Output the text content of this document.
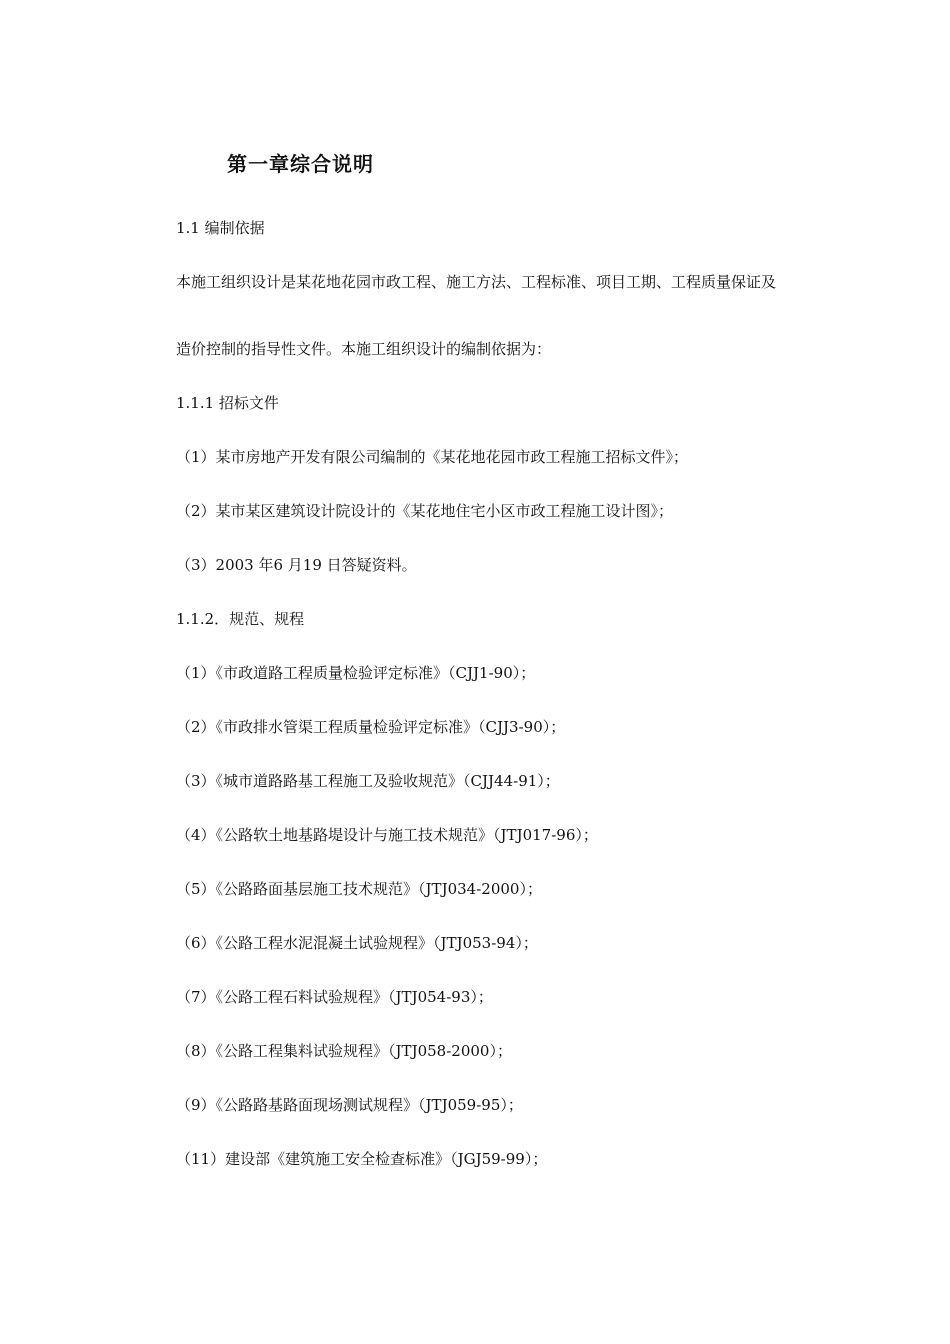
第一章综合说明
1.1 编制依据
本施工组织设计是某花地花园市政工程、施工方法、工程标准、项目工期、工程质量保证及
造价控制的指导性文件。本施工组织设计的编制依据为：
1.1.1 招标文件
（1）某市房地产开发有限公司编制的《某花地花园市政工程施工招标文件》；
（2）某市某区建筑设计院设计的《某花地住宅小区市政工程施工设计图》；
（3）2003 年6 月19 日答疑资料。
1.1.2．规范、规程
（1）《市政道路工程质量检验评定标准》（CJJ1-90）；
（2）《市政排水管渠工程质量检验评定标准》（CJJ3-90）；
（3）《城市道路路基工程施工及验收规范》（CJJ44-91）；
（4）《公路软土地基路堤设计与施工技术规范》（JTJ017-96）；
（5）《公路路面基层施工技术规范》（JTJ034-2000）；
（6）《公路工程水泥混凝土试验规程》（JTJ053-94）；
（7）《公路工程石料试验规程》（JTJ054-93）；
（8）《公路工程集料试验规程》（JTJ058-2000）；
（9）《公路路基路面现场测试规程》（JTJ059-95）；
（11）建设部《建筑施工安全检查标准》（JGJ59-99）；
